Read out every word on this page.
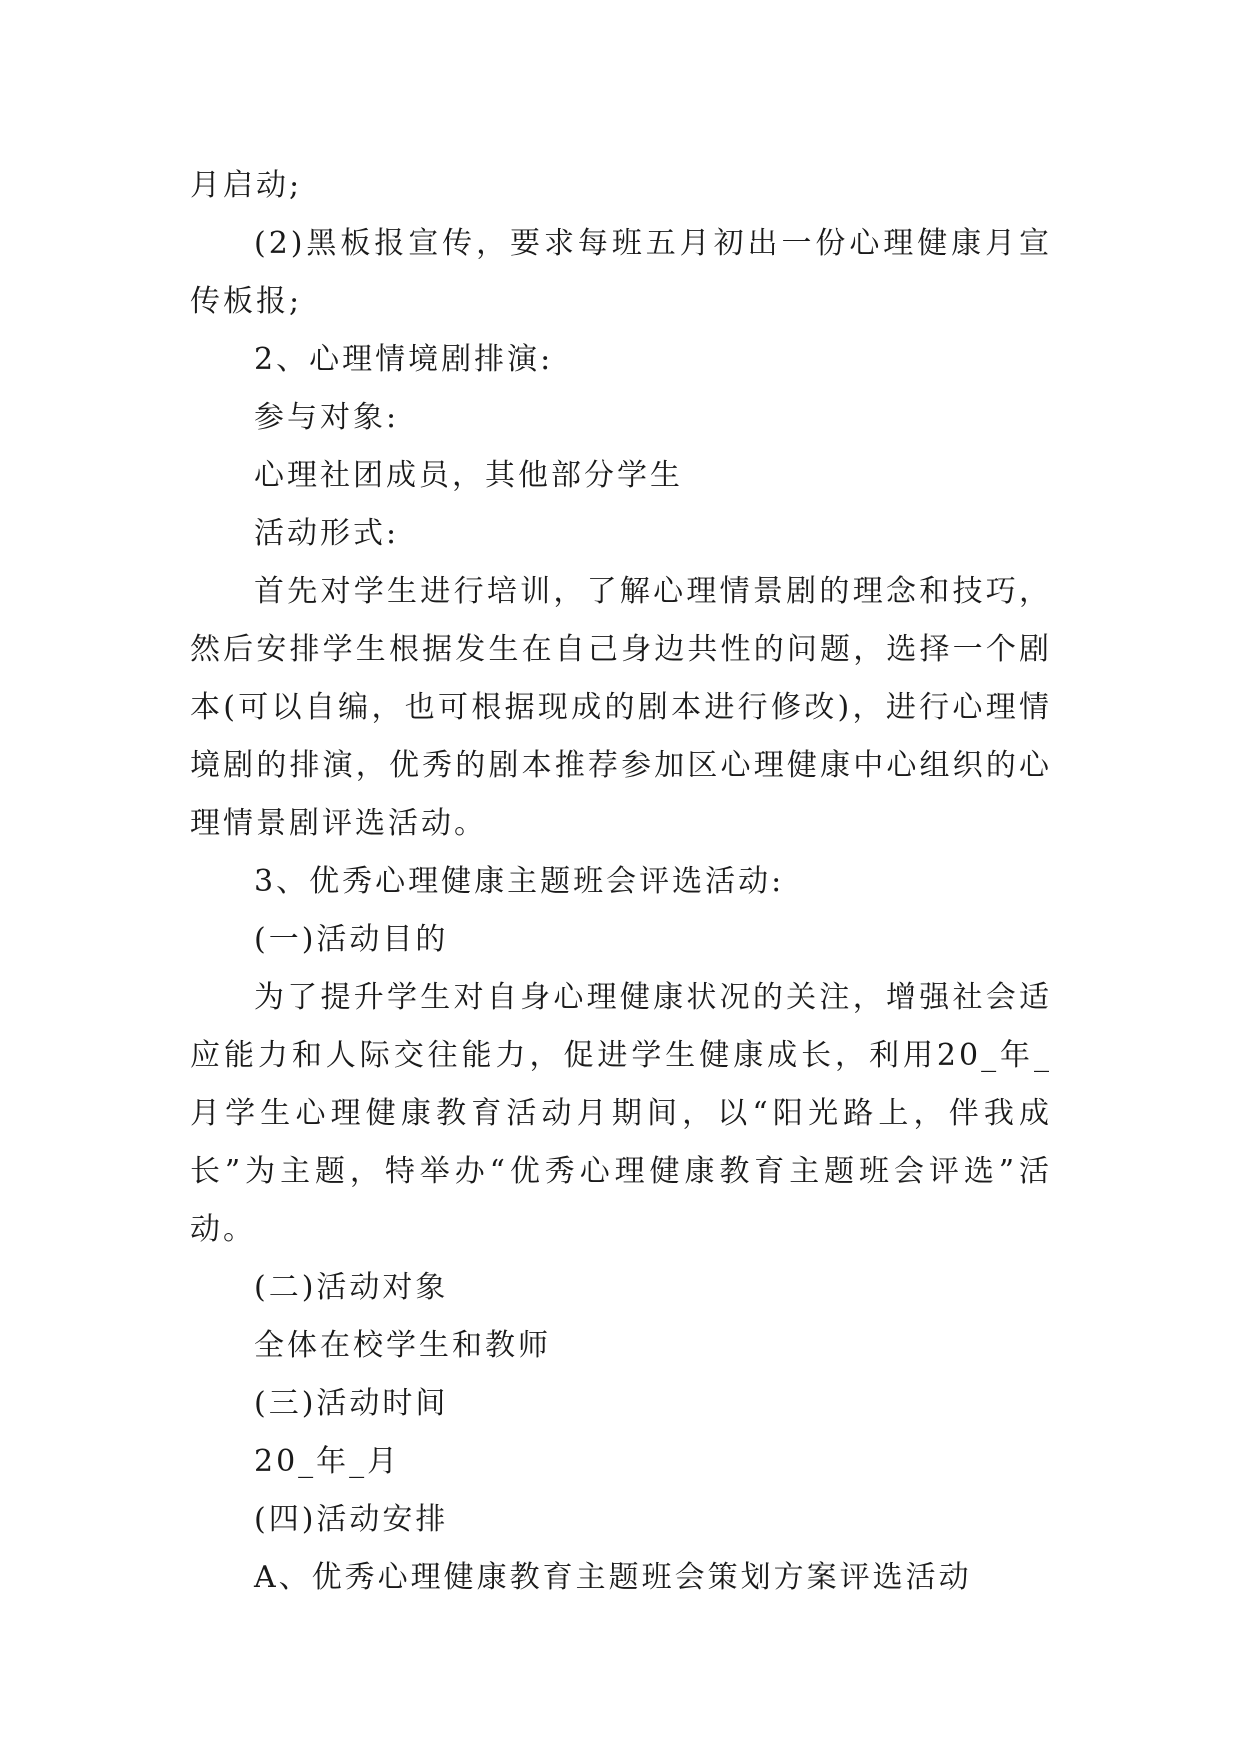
月启动;

(2)黑板报宣传，要求每班五月初出一份心理健康月宣传板报;

2、心理情境剧排演:

参与对象:

心理社团成员，其他部分学生

活动形式:

首先对学生进行培训，了解心理情景剧的理念和技巧，然后安排学生根据发生在自己身边共性的问题，选择一个剧本(可以自编，也可根据现成的剧本进行修改)，进行心理情境剧的排演，优秀的剧本推荐参加区心理健康中心组织的心理情景剧评选活动。

3、优秀心理健康主题班会评选活动:

(一)活动目的

为了提升学生对自身心理健康状况的关注，增强社会适应能力和人际交往能力，促进学生健康成长，利用20_年_月学生心理健康教育活动月期间，以“阳光路上，伴我成长”为主题，特举办“优秀心理健康教育主题班会评选”活动。

(二)活动对象

全体在校学生和教师

(三)活动时间

20_年_月

(四)活动安排

A、优秀心理健康教育主题班会策划方案评选活动
